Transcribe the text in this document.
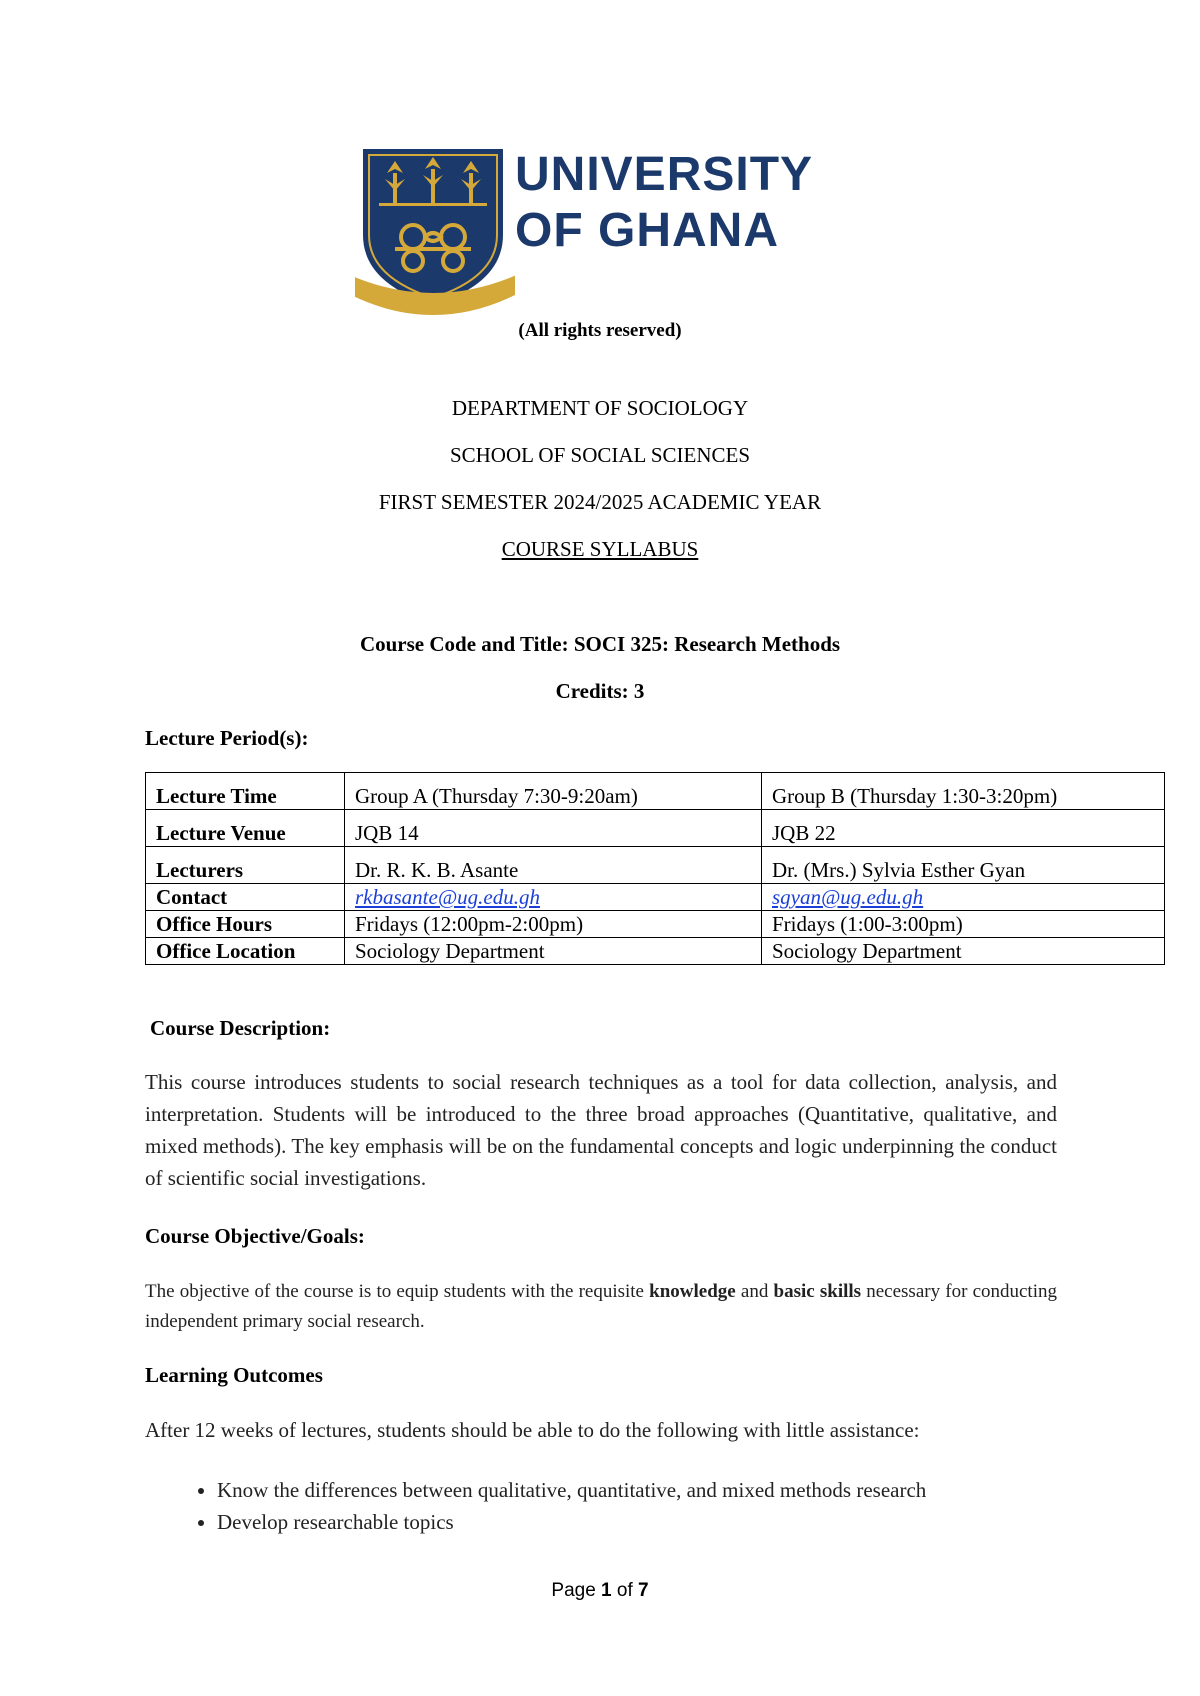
UNIVERSITY
OF GHANA
(All rights reserved)
DEPARTMENT OF SOCIOLOGY
SCHOOL OF SOCIAL SCIENCES
FIRST SEMESTER 2024/2025 ACADEMIC YEAR
COURSE SYLLABUS
Course Code and Title: SOCI 325: Research Methods
Credits: 3
Lecture Period(s):
Lecture Time	Group A (Thursday 7:30-9:20am)	Group B (Thursday 1:30-3:20pm)
Lecture Venue	JQB 14	JQB 22
Lecturers	Dr. R. K. B. Asante	Dr. (Mrs.) Sylvia Esther Gyan
Contact	rkbasante@ug.edu.gh	sgyan@ug.edu.gh
Office Hours	Fridays (12:00pm-2:00pm)	Fridays (1:00-3:00pm)
Office Location	Sociology Department	Sociology Department
Course Description:
This course introduces students to social research techniques as a tool for data collection, analysis, and interpretation. Students will be introduced to the three broad approaches (Quantitative, qualitative, and mixed methods). The key emphasis will be on the fundamental concepts and logic underpinning the conduct of scientific social investigations.
Course Objective/Goals:
The objective of the course is to equip students with the requisite knowledge and basic skills necessary for conducting independent primary social research.
Learning Outcomes
After 12 weeks of lectures, students should be able to do the following with little assistance:
• Know the differences between qualitative, quantitative, and mixed methods research
• Develop researchable topics
Page 1 of 7
